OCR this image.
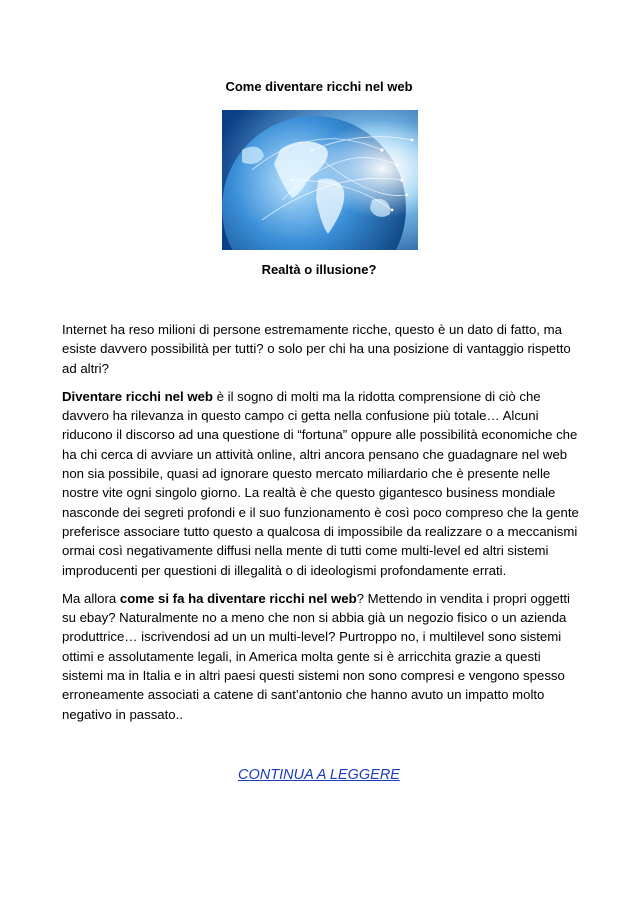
Come diventare ricchi nel web
Realtà o illusione?

Internet ha reso milioni di persone estremamente ricche, questo è un dato di fatto, ma esiste davvero possibilità per tutti? o solo per chi ha una posizione di vantaggio rispetto ad altri?

Diventare ricchi nel web è il sogno di molti ma la ridotta comprensione di ciò che davvero ha rilevanza in questo campo ci getta nella confusione più totale… Alcuni riducono il discorso ad una questione di “fortuna” oppure alle possibilità economiche che ha chi cerca di avviare un attività online, altri ancora pensano che guadagnare nel web non sia possibile, quasi ad ignorare questo mercato miliardario che è presente nelle nostre vite ogni singolo giorno. La realtà è che questo gigantesco business mondiale nasconde dei segreti profondi e il suo funzionamento è così poco compreso che la gente preferisce associare tutto questo a qualcosa di impossibile da realizzare o a meccanismi ormai così negativamente diffusi nella mente di tutti come multi-level ed altri sistemi improducenti per questioni di illegalità o di ideologismi profondamente errati.

Ma allora come si fa ha diventare ricchi nel web? Mettendo in vendita i propri oggetti su ebay? Naturalmente no a meno che non si abbia già un negozio fisico o un azienda produttrice… iscrivendosi ad un un multi-level? Purtroppo no, i multilevel sono sistemi ottimi e assolutamente legali, in America molta gente si è arricchita grazie a questi sistemi ma in Italia e in altri paesi questi sistemi non sono compresi e vengono spesso erroneamente associati a catene di sant’antonio che hanno avuto un impatto molto negativo in passato..

CONTINUA A LEGGERE
